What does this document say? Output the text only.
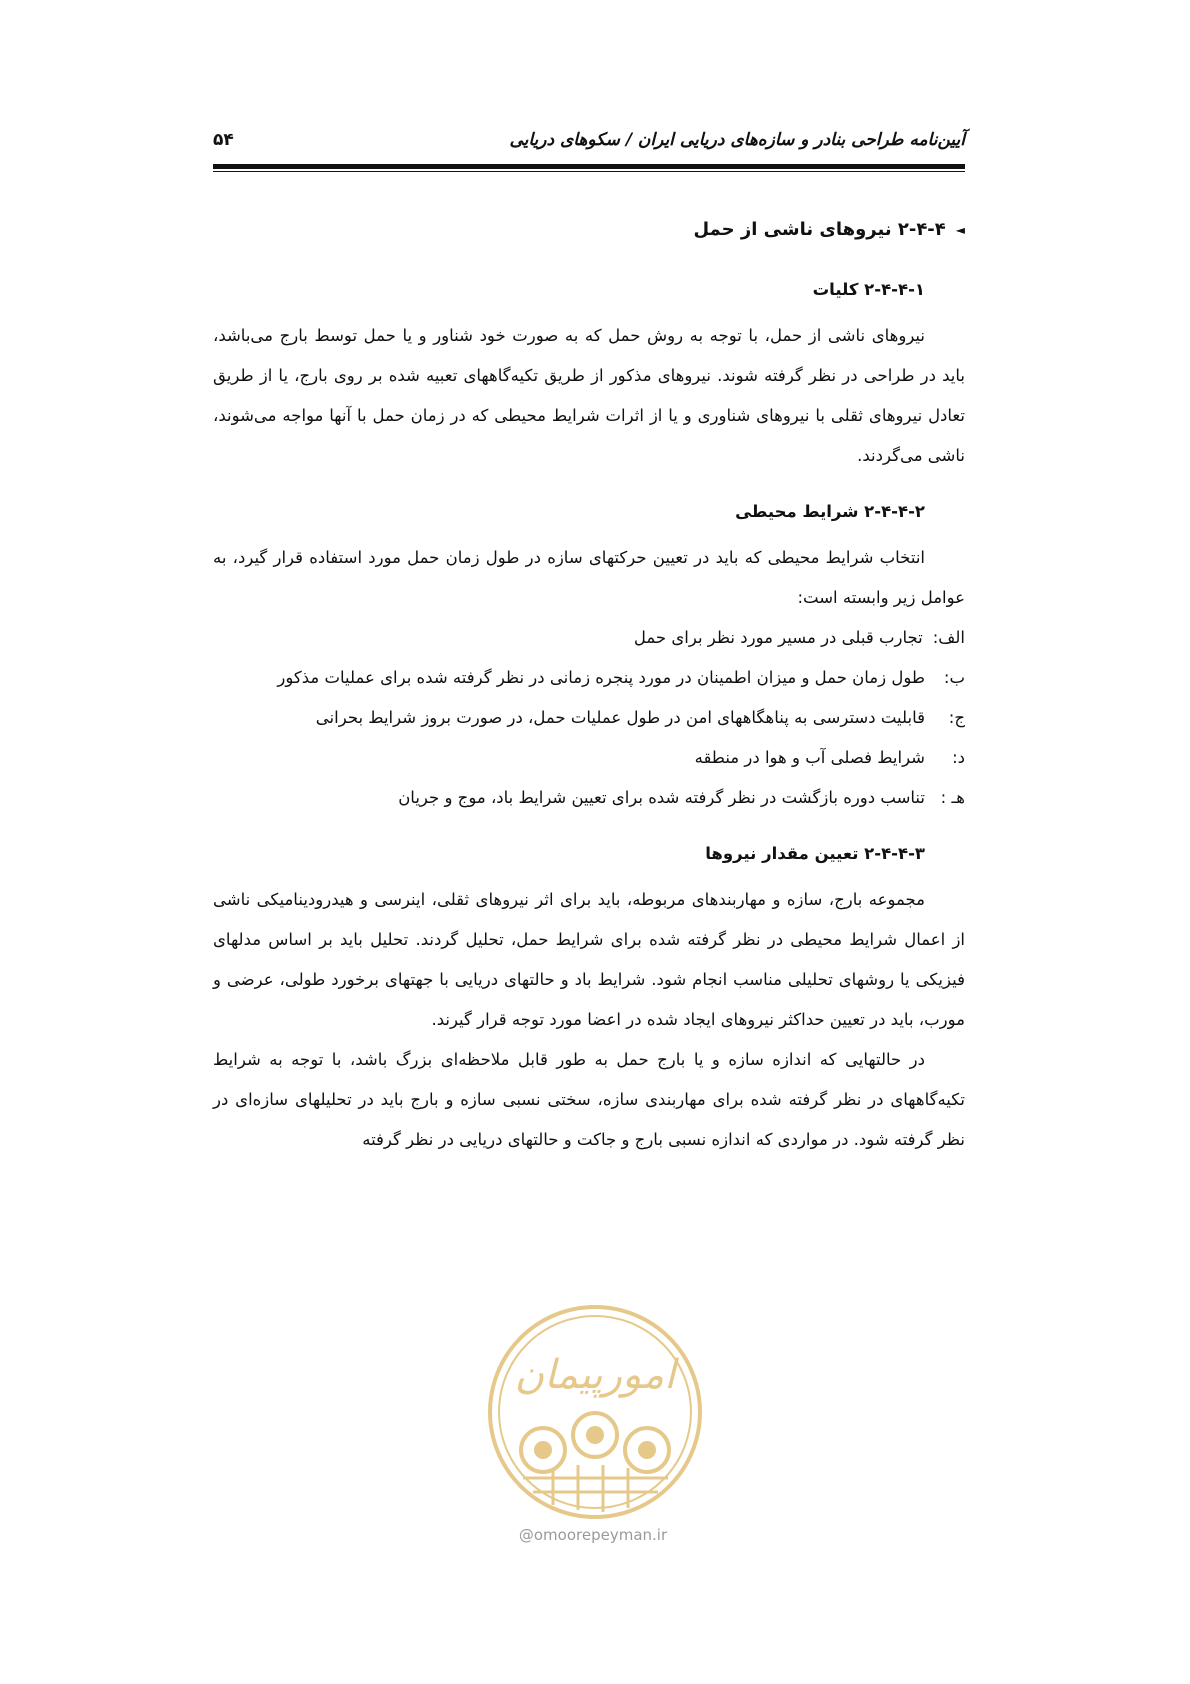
آیین‌نامه طراحی بنادر و سازه‌های دریایی ایران / سکوهای دریایی
۵۴
◄
۲-۴-۴ نیروهای ناشی از حمل
۲-۴-۴-۱ کلیات

نیروهای ناشی از حمل، با توجه به روش حمل که به صورت خود شناور و یا حمل توسط بارج می‌باشد، باید در طراحی در نظر گرفته شوند. نیروهای مذکور از طریق تکیه‌گاههای تعبیه شده بر روی بارج، یا از طریق تعادل نیروهای ثقلی با نیروهای شناوری و یا از اثرات شرایط محیطی که در زمان حمل با آنها مواجه می‌شوند، ناشی می‌گردند.

۲-۴-۴-۲ شرایط محیطی

انتخاب شرایط محیطی که باید در تعیین حرکتهای سازه در طول زمان حمل مورد استفاده قرار گیرد، به عوامل زیر وابسته است:

الف:
تجارب قبلی در مسیر مورد نظر برای حمل
ب:
طول زمان حمل و میزان اطمینان در مورد پنجره زمانی در نظر گرفته شده برای عملیات مذکور
ج:
قابلیت دسترسی به پناهگاههای امن در طول عملیات حمل، در صورت بروز شرایط بحرانی
د:
شرایط فصلی آب و هوا در منطقه
هـ :
تناسب دوره بازگشت در نظر گرفته شده برای تعیین شرایط باد، موج و جریان
۲-۴-۴-۳ تعیین مقدار نیروها

مجموعه بارج، سازه و مهاربندهای مربوطه، باید برای اثر نیروهای ثقلی، اینرسی و هیدرودینامیکی ناشی از اعمال شرایط محیطی در نظر گرفته شده برای شرایط حمل، تحلیل گردند. تحلیل باید بر اساس مدلهای فیزیکی یا روشهای تحلیلی مناسب انجام شود. شرایط باد و حالتهای دریایی با جهتهای برخورد طولی، عرضی و مورب، باید در تعیین حداکثر نیروهای ایجاد شده در اعضا مورد توجه قرار گیرند.

در حالتهایی که اندازه سازه و یا بارج حمل به طور قابل ملاحظه‌ای بزرگ باشد، با توجه به شرایط تکیه‌گاههای در نظر گرفته شده برای مهاربندی سازه، سختی نسبی سازه و بارج باید در تحلیلهای سازه‌ای در نظر گرفته شود. در مواردی که اندازه نسبی بارج و جاکت و حالتهای دریایی در نظر گرفته

امورپیمان
@omoorepeyman.ir
